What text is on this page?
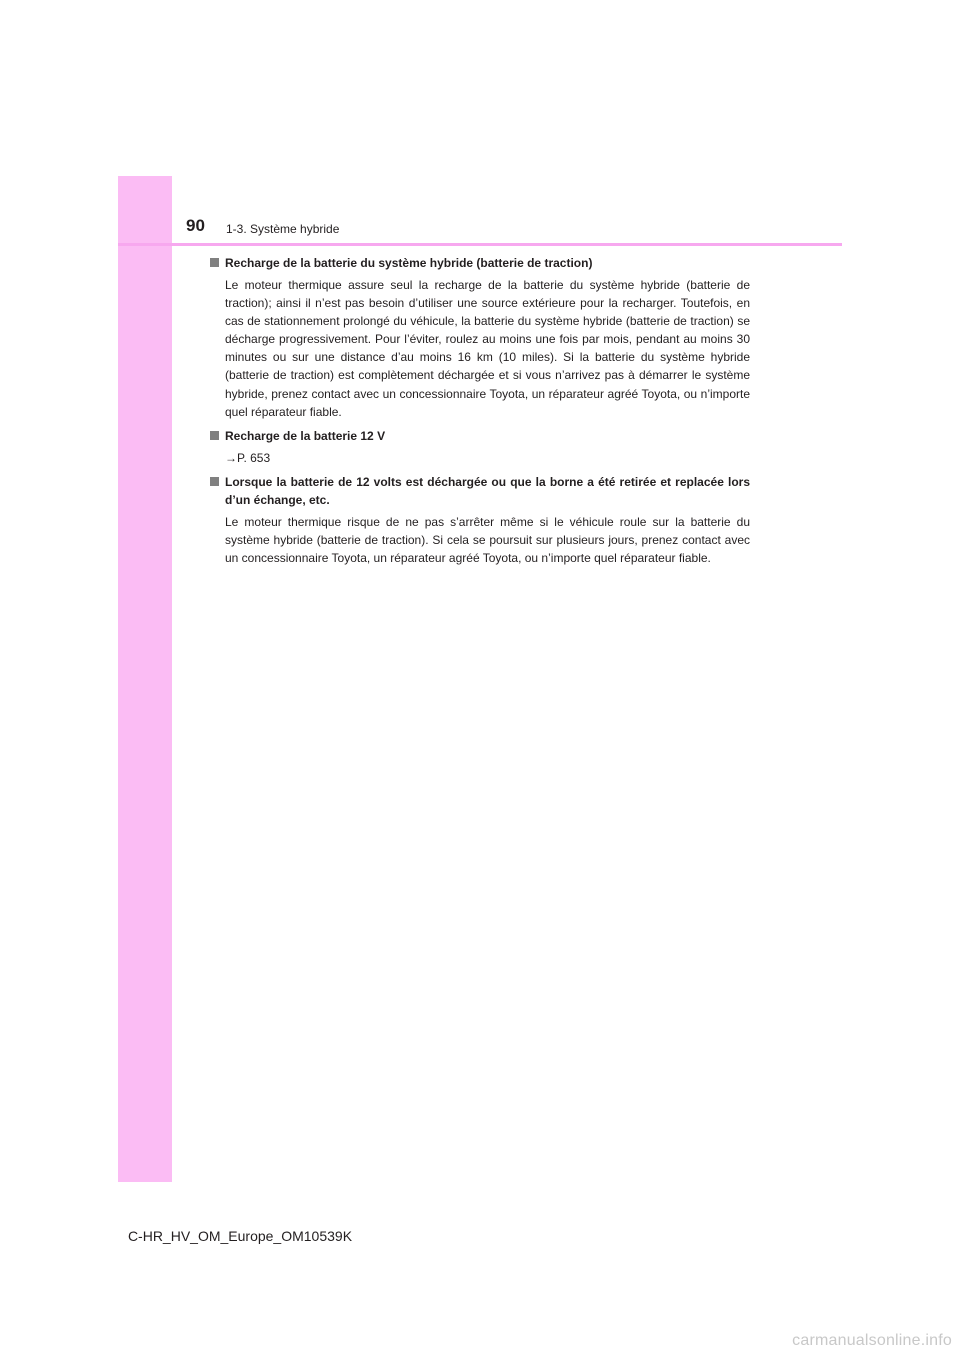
90 1-3. Système hybride
Recharge de la batterie du système hybride (batterie de traction)
Le moteur thermique assure seul la recharge de la batterie du système hybride (batterie de traction); ainsi il n’est pas besoin d’utiliser une source extérieure pour la recharger. Toutefois, en cas de stationnement prolongé du véhicule, la batterie du système hybride (batterie de traction) se décharge progressivement. Pour l’éviter, roulez au moins une fois par mois, pendant au moins 30 minutes ou sur une distance d’au moins 16 km (10 miles). Si la batterie du système hybride (batterie de traction) est complètement déchargée et si vous n’arrivez pas à démarrer le système hybride, prenez contact avec un concessionnaire Toyota, un réparateur agréé Toyota, ou n’importe quel réparateur fiable.
Recharge de la batterie 12 V
→P. 653
Lorsque la batterie de 12 volts est déchargée ou que la borne a été retirée et replacée lors d’un échange, etc.
Le moteur thermique risque de ne pas s’arrêter même si le véhicule roule sur la batterie du système hybride (batterie de traction). Si cela se poursuit sur plusieurs jours, prenez contact avec un concessionnaire Toyota, un réparateur agréé Toyota, ou n’importe quel réparateur fiable.
C-HR_HV_OM_Europe_OM10539K
carmanualsonline.info
